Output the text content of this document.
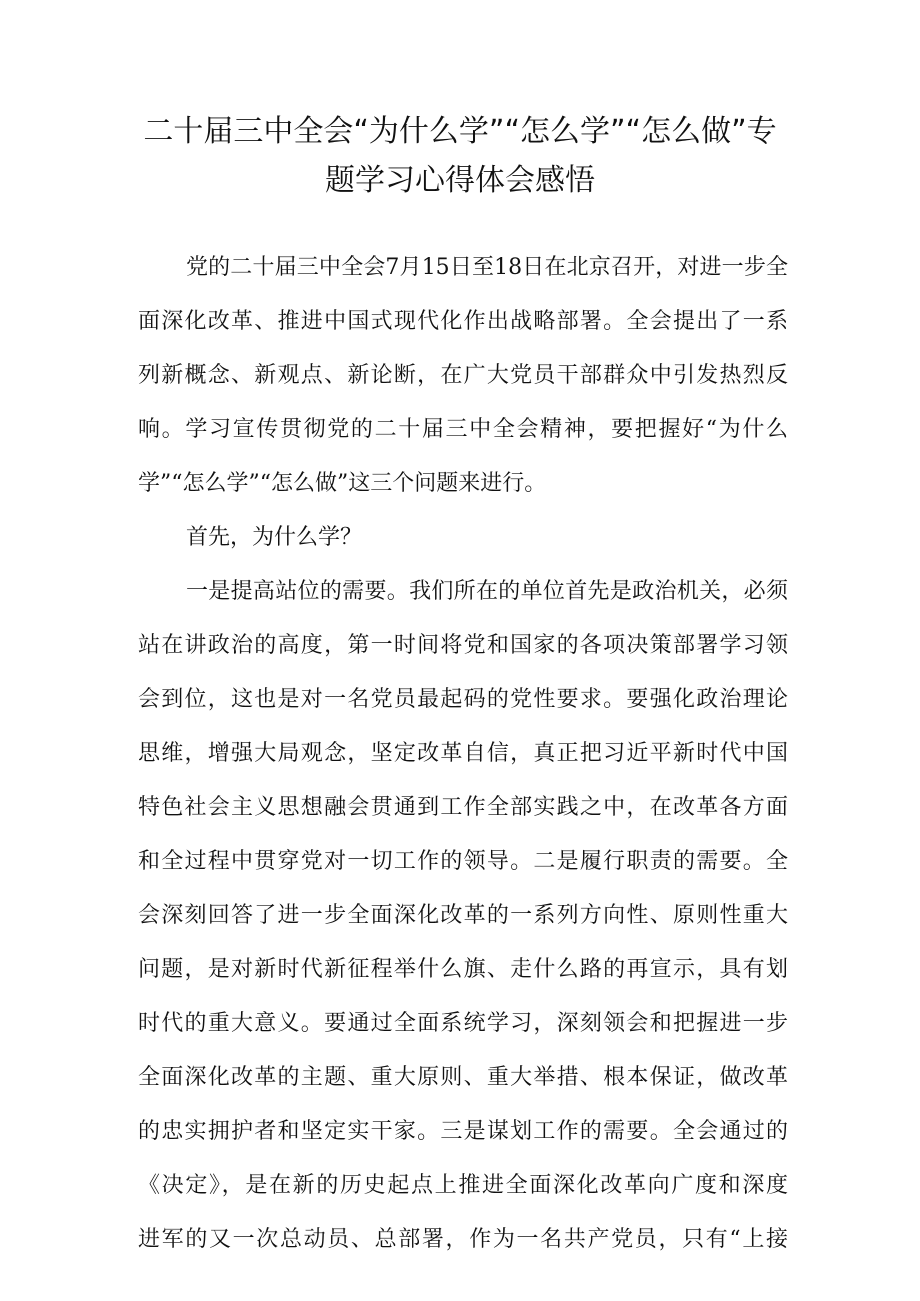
二十届三中全会“为什么学”“怎么学”“怎么做”专
题学习心得体会感悟
党的二十届三中全会7月15日至18日在北京召开，对进一步全
面深化改革、推进中国式现代化作出战略部署。全会提出了一系
列新概念、新观点、新论断，在广大党员干部群众中引发热烈反
响。学习宣传贯彻党的二十届三中全会精神，要把握好“为什么
学”“怎么学”“怎么做”这三个问题来进行。
首先，为什么学？
一是提高站位的需要。我们所在的单位首先是政治机关，必须
站在讲政治的高度，第一时间将党和国家的各项决策部署学习领
会到位，这也是对一名党员最起码的党性要求。要强化政治理论
思维，增强大局观念，坚定改革自信，真正把习近平新时代中国
特色社会主义思想融会贯通到工作全部实践之中，在改革各方面
和全过程中贯穿党对一切工作的领导。二是履行职责的需要。全
会深刻回答了进一步全面深化改革的一系列方向性、原则性重大
问题，是对新时代新征程举什么旗、走什么路的再宣示，具有划
时代的重大意义。要通过全面系统学习，深刻领会和把握进一步
全面深化改革的主题、重大原则、重大举措、根本保证，做改革
的忠实拥护者和坚定实干家。三是谋划工作的需要。全会通过的
《决定》，是在新的历史起点上推进全面深化改革向广度和深度
进军的又一次总动员、总部署，作为一名共产党员，只有“上接
